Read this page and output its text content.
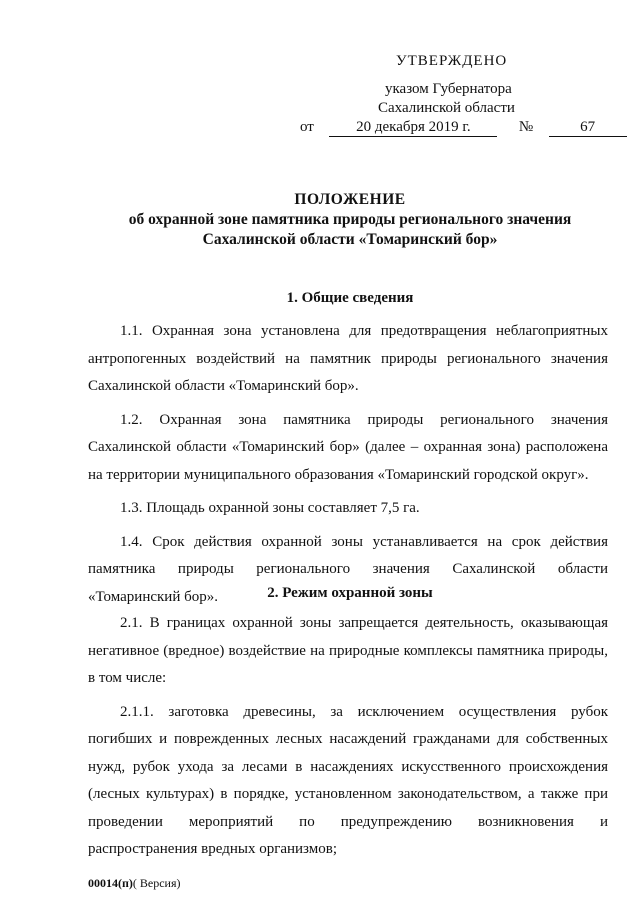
УТВЕРЖДЕНО
указом Губернатора
Сахалинской области
от	20 декабря 2019 г.	№	67
ПОЛОЖЕНИЕ
об охранной зоне памятника природы регионального значения
Сахалинской области «Томаринский бор»
1. Общие сведения

1.1. Охранная зона установлена для предотвращения неблагоприятных антропогенных воздействий на памятник природы регионального значения Сахалинской области «Томаринский бор».

1.2. Охранная зона памятника природы регионального значения Сахалинской области «Томаринский бор» (далее – охранная зона) расположена на территории муниципального образования «Томаринский городской округ».

1.3. Площадь охранной зоны составляет 7,5 га.

1.4. Срок действия охранной зоны устанавливается на срок действия памятника природы регионального значения Сахалинской области «Томаринский бор».	2. Режим охранной зоны

2.1. В границах охранной зоны запрещается деятельность, оказывающая негативное (вредное) воздействие на природные комплексы памятника природы, в том числе:

2.1.1. заготовка древесины, за исключением осуществления рубок погибших и поврежденных лесных насаждений гражданами для собственных нужд, рубок ухода за лесами в насаждениях искусственного происхождения (лесных культурах) в порядке, установленном законодательством, а также при проведении мероприятий по предупреждению возникновения и распространения вредных организмов;

00014(п)( Версия)
